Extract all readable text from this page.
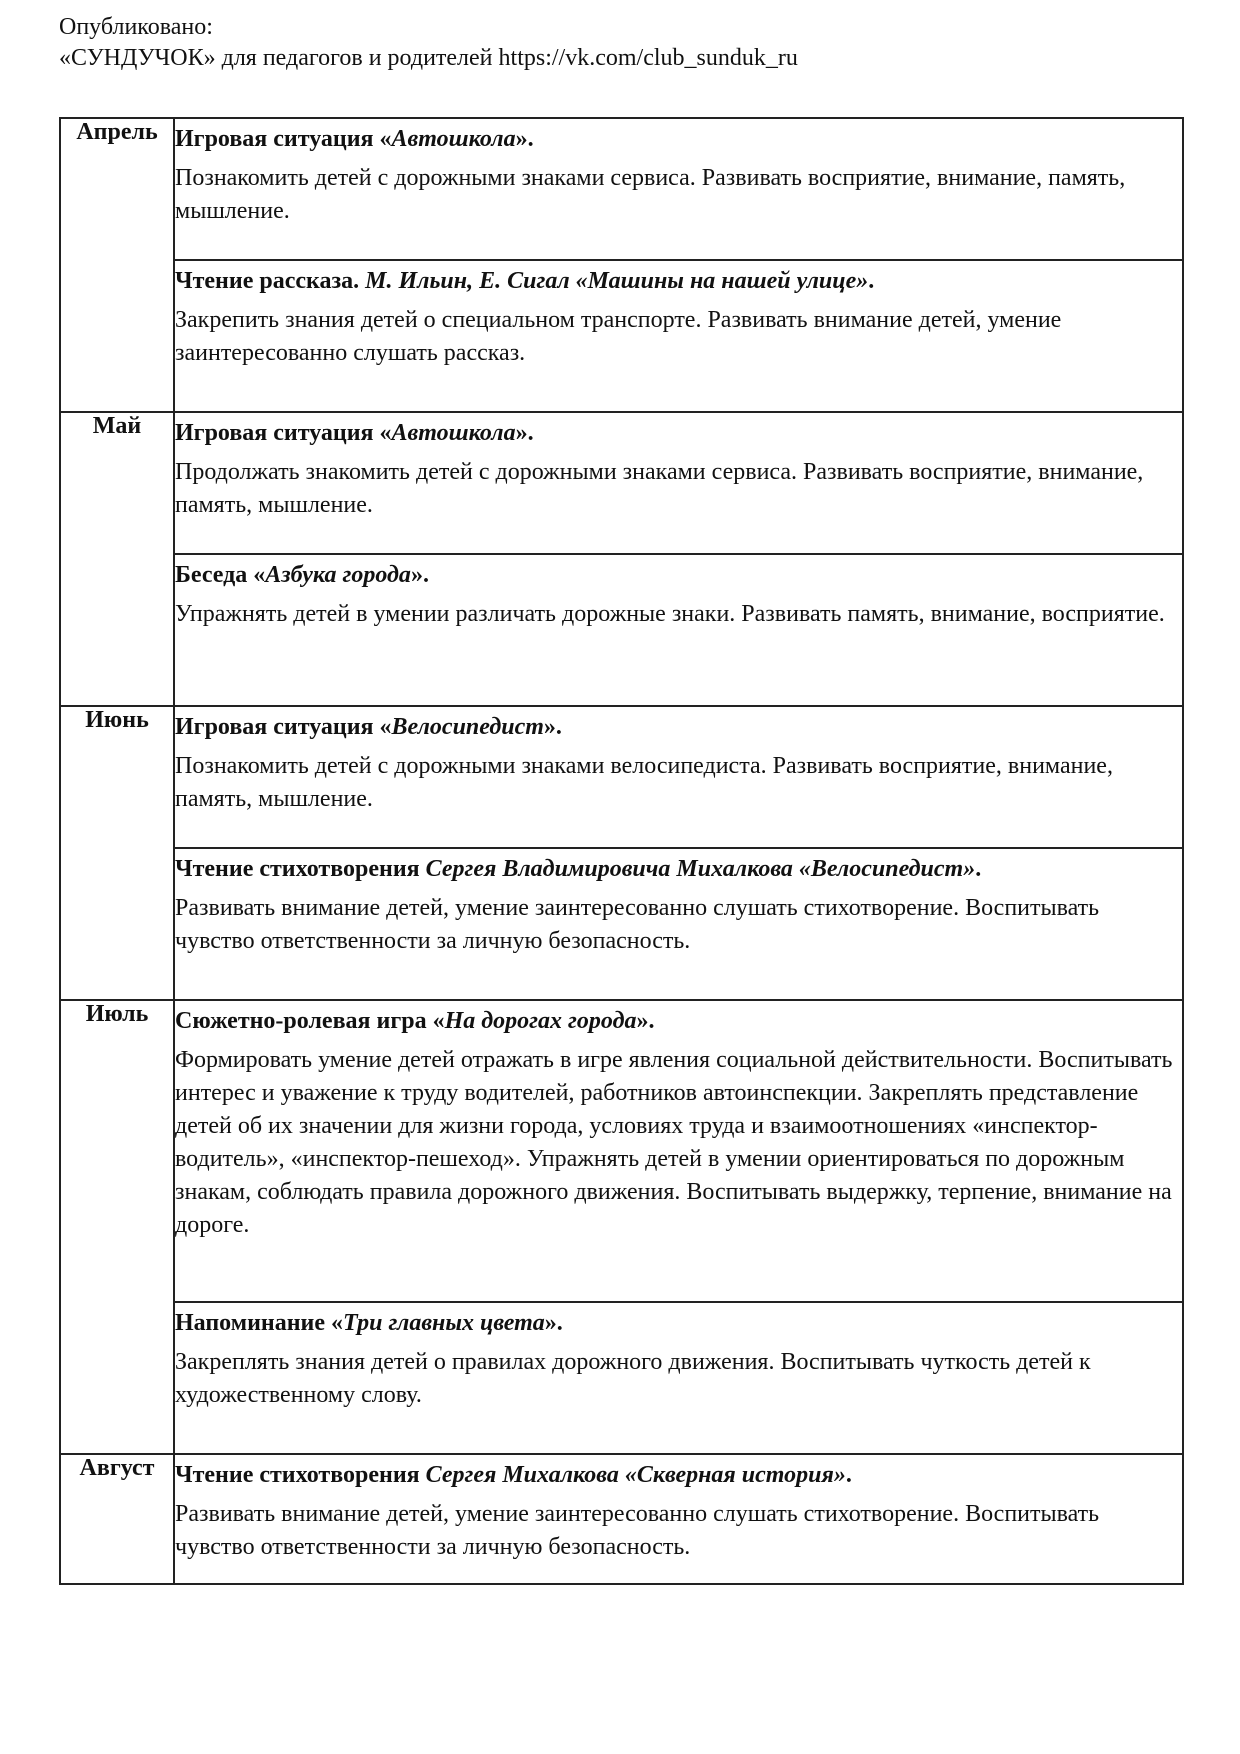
Опубликовано:
«СУНДУЧОК» для педагогов и родителей https://vk.com/club_sunduk_ru
Апрель	Игровая ситуация «Автошкола».
Познакомить детей с дорожными знаками сервиса. Развивать восприятие, внимание, память, мышление.

	Чтение рассказа. М. Ильин, Е. Сигал «Машины на нашей улице».
Закрепить знания детей о специальном транспорте. Развивать внимание детей, умение заинтересованно слушать рассказ.

Май	Игровая ситуация «Автошкола».
Продолжать знакомить детей с дорожными знаками сервиса. Развивать восприятие, внимание, память, мышление.

	Беседа «Азбука города».
Упражнять детей в умении различать дорожные знаки. Развивать память, внимание, восприятие.

Июнь	Игровая ситуация «Велосипедист».
Познакомить детей с дорожными знаками велосипедиста. Развивать восприятие, внимание, память, мышление.

	Чтение стихотворения Сергея Владимировича Михалкова «Велосипедист».
Развивать внимание детей, умение заинтересованно слушать стихотворение. Воспитывать чувство ответственности за личную безопасность.

Июль	Сюжетно-ролевая игра «На дорогах города».
Формировать умение детей отражать в игре явления социальной действительности. Воспитывать интерес и уважение к труду водителей, работников автоинспекции. Закреплять представление детей об их значении для жизни города, условиях труда и взаимоотношениях «инспектор-водитель», «инспектор-пешеход». Упражнять детей в умении ориентироваться по дорожным знакам, соблюдать правила дорожного движения. Воспитывать выдержку, терпение, внимание на дороге.

	Напоминание «Три главных цвета».
Закреплять знания детей о правилах дорожного движения. Воспитывать чуткость детей к художественному слову.

Август	Чтение стихотворения Сергея Михалкова «Скверная история».
Развивать внимание детей, умение заинтересованно слушать стихотворение. Воспитывать чувство ответственности за личную безопасность.
